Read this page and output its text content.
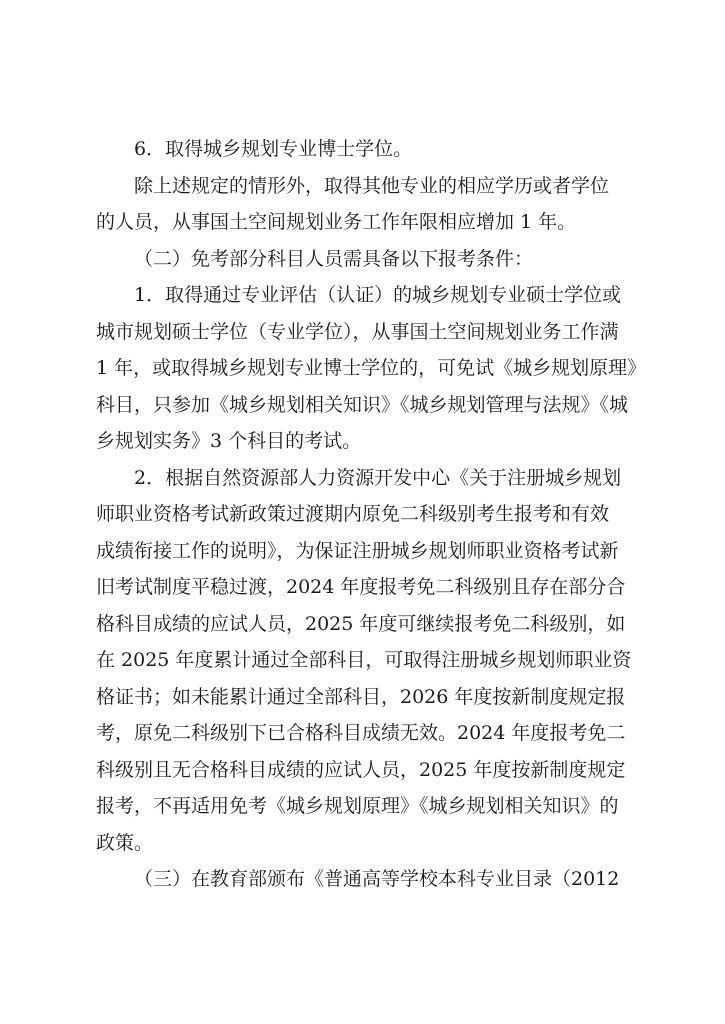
6．取得城乡规划专业博士学位。
除上述规定的情形外，取得其他专业的相应学历或者学位
的人员，从事国土空间规划业务工作年限相应增加 1 年。
（二）免考部分科目人员需具备以下报考条件：
1．取得通过专业评估（认证）的城乡规划专业硕士学位或
城市规划硕士学位（专业学位），从事国土空间规划业务工作满
1 年，或取得城乡规划专业博士学位的，可免试《城乡规划原理》
科目，只参加《城乡规划相关知识》《城乡规划管理与法规》《城
乡规划实务》3 个科目的考试。
2．根据自然资源部人力资源开发中心《关于注册城乡规划
师职业资格考试新政策过渡期内原免二科级别考生报考和有效
成绩衔接工作的说明》，为保证注册城乡规划师职业资格考试新
旧考试制度平稳过渡，2024 年度报考免二科级别且存在部分合
格科目成绩的应试人员，2025 年度可继续报考免二科级别，如
在 2025 年度累计通过全部科目，可取得注册城乡规划师职业资
格证书；如未能累计通过全部科目，2026 年度按新制度规定报
考，原免二科级别下已合格科目成绩无效。2024 年度报考免二
科级别且无合格科目成绩的应试人员，2025 年度按新制度规定
报考，不再适用免考《城乡规划原理》《城乡规划相关知识》的
政策。
（三）在教育部颁布《普通高等学校本科专业目录（2012
